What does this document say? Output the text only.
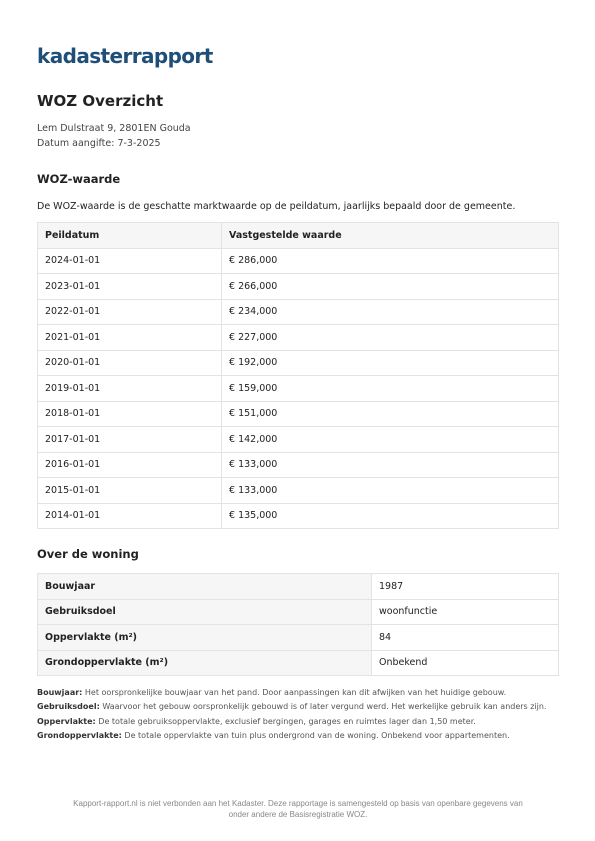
kadasterrapport
WOZ Overzicht
Lem Dulstraat 9, 2801EN Gouda
Datum aangifte: 7-3-2025
WOZ-waarde
De WOZ-waarde is de geschatte marktwaarde op de peildatum, jaarlijks bepaald door de gemeente.
Peildatum	Vastgestelde waarde
2024-01-01	€ 286,000
2023-01-01	€ 266,000
2022-01-01	€ 234,000
2021-01-01	€ 227,000
2020-01-01	€ 192,000
2019-01-01	€ 159,000
2018-01-01	€ 151,000
2017-01-01	€ 142,000
2016-01-01	€ 133,000
2015-01-01	€ 133,000
2014-01-01	€ 135,000
Over de woning
Bouwjaar	1987
Gebruiksdoel	woonfunctie
Oppervlakte (m²)	84
Grondoppervlakte (m²)	Onbekend
Bouwjaar: Het oorspronkelijke bouwjaar van het pand. Door aanpassingen kan dit afwijken van het huidige gebouw.
Gebruiksdoel: Waarvoor het gebouw oorspronkelijk gebouwd is of later vergund werd. Het werkelijke gebruik kan anders zijn.
Oppervlakte: De totale gebruiksoppervlakte, exclusief bergingen, garages en ruimtes lager dan 1,50 meter.
Grondoppervlakte: De totale oppervlakte van tuin plus ondergrond van de woning. Onbekend voor appartementen.
Kapport-rapport.nl is niet verbonden aan het Kadaster. Deze rapportage is samengesteld op basis van openbare gegevens van
onder andere de Basisregistratie WOZ.
